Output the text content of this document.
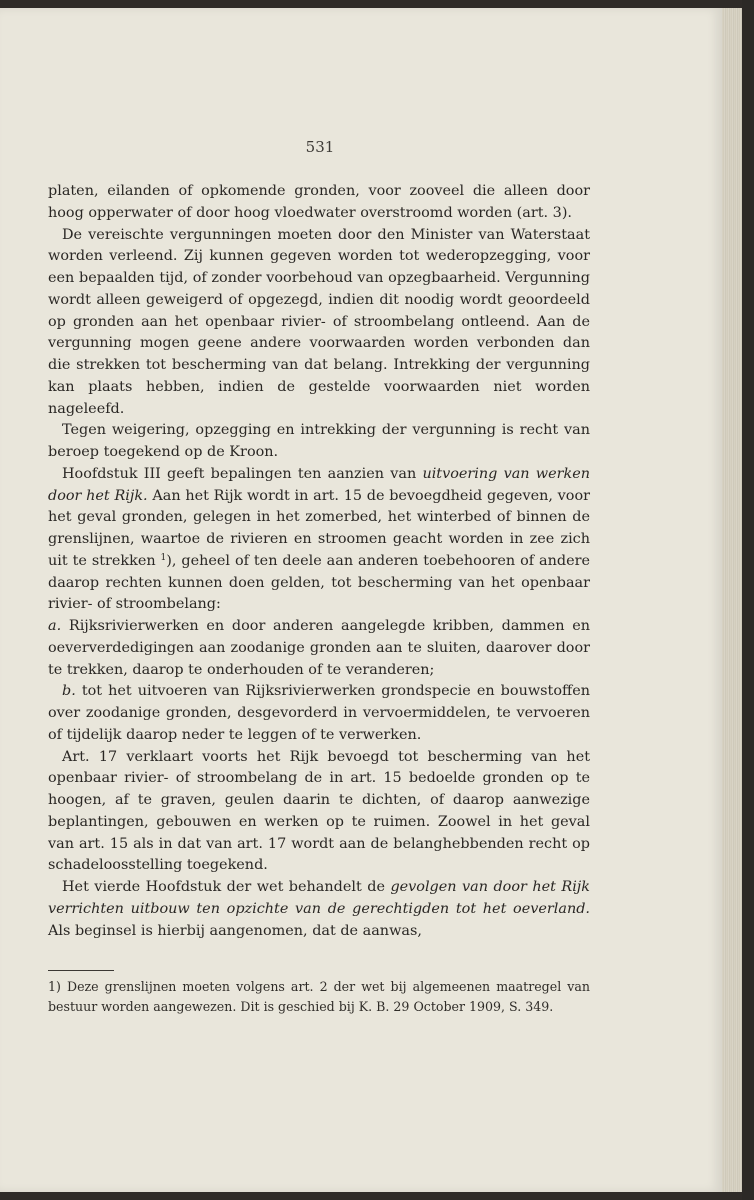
531

platen, eilanden of opkomende gronden, voor zooveel die alleen door hoog opperwater of door hoog vloedwater overstroomd worden (art. 3).

De vereischte vergunningen moeten door den Minister van Waterstaat worden verleend. Zij kunnen gegeven worden tot wederopzegging, voor een bepaalden tijd, of zonder voorbehoud van opzegbaarheid. Vergunning wordt alleen geweigerd of opgezegd, indien dit noodig wordt geoordeeld op gronden aan het openbaar rivier- of stroombelang ontleend. Aan de vergunning mogen geene andere voorwaarden worden verbonden dan die strekken tot bescherming van dat belang. Intrekking der vergunning kan plaats hebben, indien de gestelde voorwaarden niet worden nageleefd.

Tegen weigering, opzegging en intrekking der vergunning is recht van beroep toegekend op de Kroon.

Hoofdstuk III geeft bepalingen ten aanzien van uitvoering van werken door het Rijk. Aan het Rijk wordt in art. 15 de bevoegdheid gegeven, voor het geval gronden, gelegen in het zomerbed, het winterbed of binnen de grenslijnen, waartoe de rivieren en stroomen geacht worden in zee zich uit te strekken $^1$), geheel of ten deele aan anderen toebehooren of andere daarop rechten kunnen doen gelden, tot bescherming van het openbaar rivier- of stroombelang:

a. Rijksrivierwerken en door anderen aangelegde kribben, dammen en oeververdedigingen aan zoodanige gronden aan te sluiten, daarover door te trekken, daarop te onderhouden of te veranderen;

b. tot het uitvoeren van Rijksrivierwerken grondspecie en bouwstoffen over zoodanige gronden, desgevorderd in vervoermiddelen, te vervoeren of tijdelijk daarop neder te leggen of te verwerken.

Art. 17 verklaart voorts het Rijk bevoegd tot bescherming van het openbaar rivier- of stroombelang de in art. 15 bedoelde gronden op te hoogen, af te graven, geulen daarin te dichten, of daarop aanwezige beplantingen, gebouwen en werken op te ruimen. Zoowel in het geval van art. 15 als in dat van art. 17 wordt aan de belanghebbenden recht op schadeloosstelling toegekend.

Het vierde Hoofdstuk der wet behandelt de gevolgen van door het Rijk verrichten uitbouw ten opzichte van de gerechtigden tot het oeverland. Als beginsel is hierbij aangenomen, dat de aanwas,

1) Deze grenslijnen moeten volgens art. 2 der wet bij algemeenen maatregel van bestuur worden aangewezen. Dit is geschied bij K. B. 29 October 1909, S. 349.
